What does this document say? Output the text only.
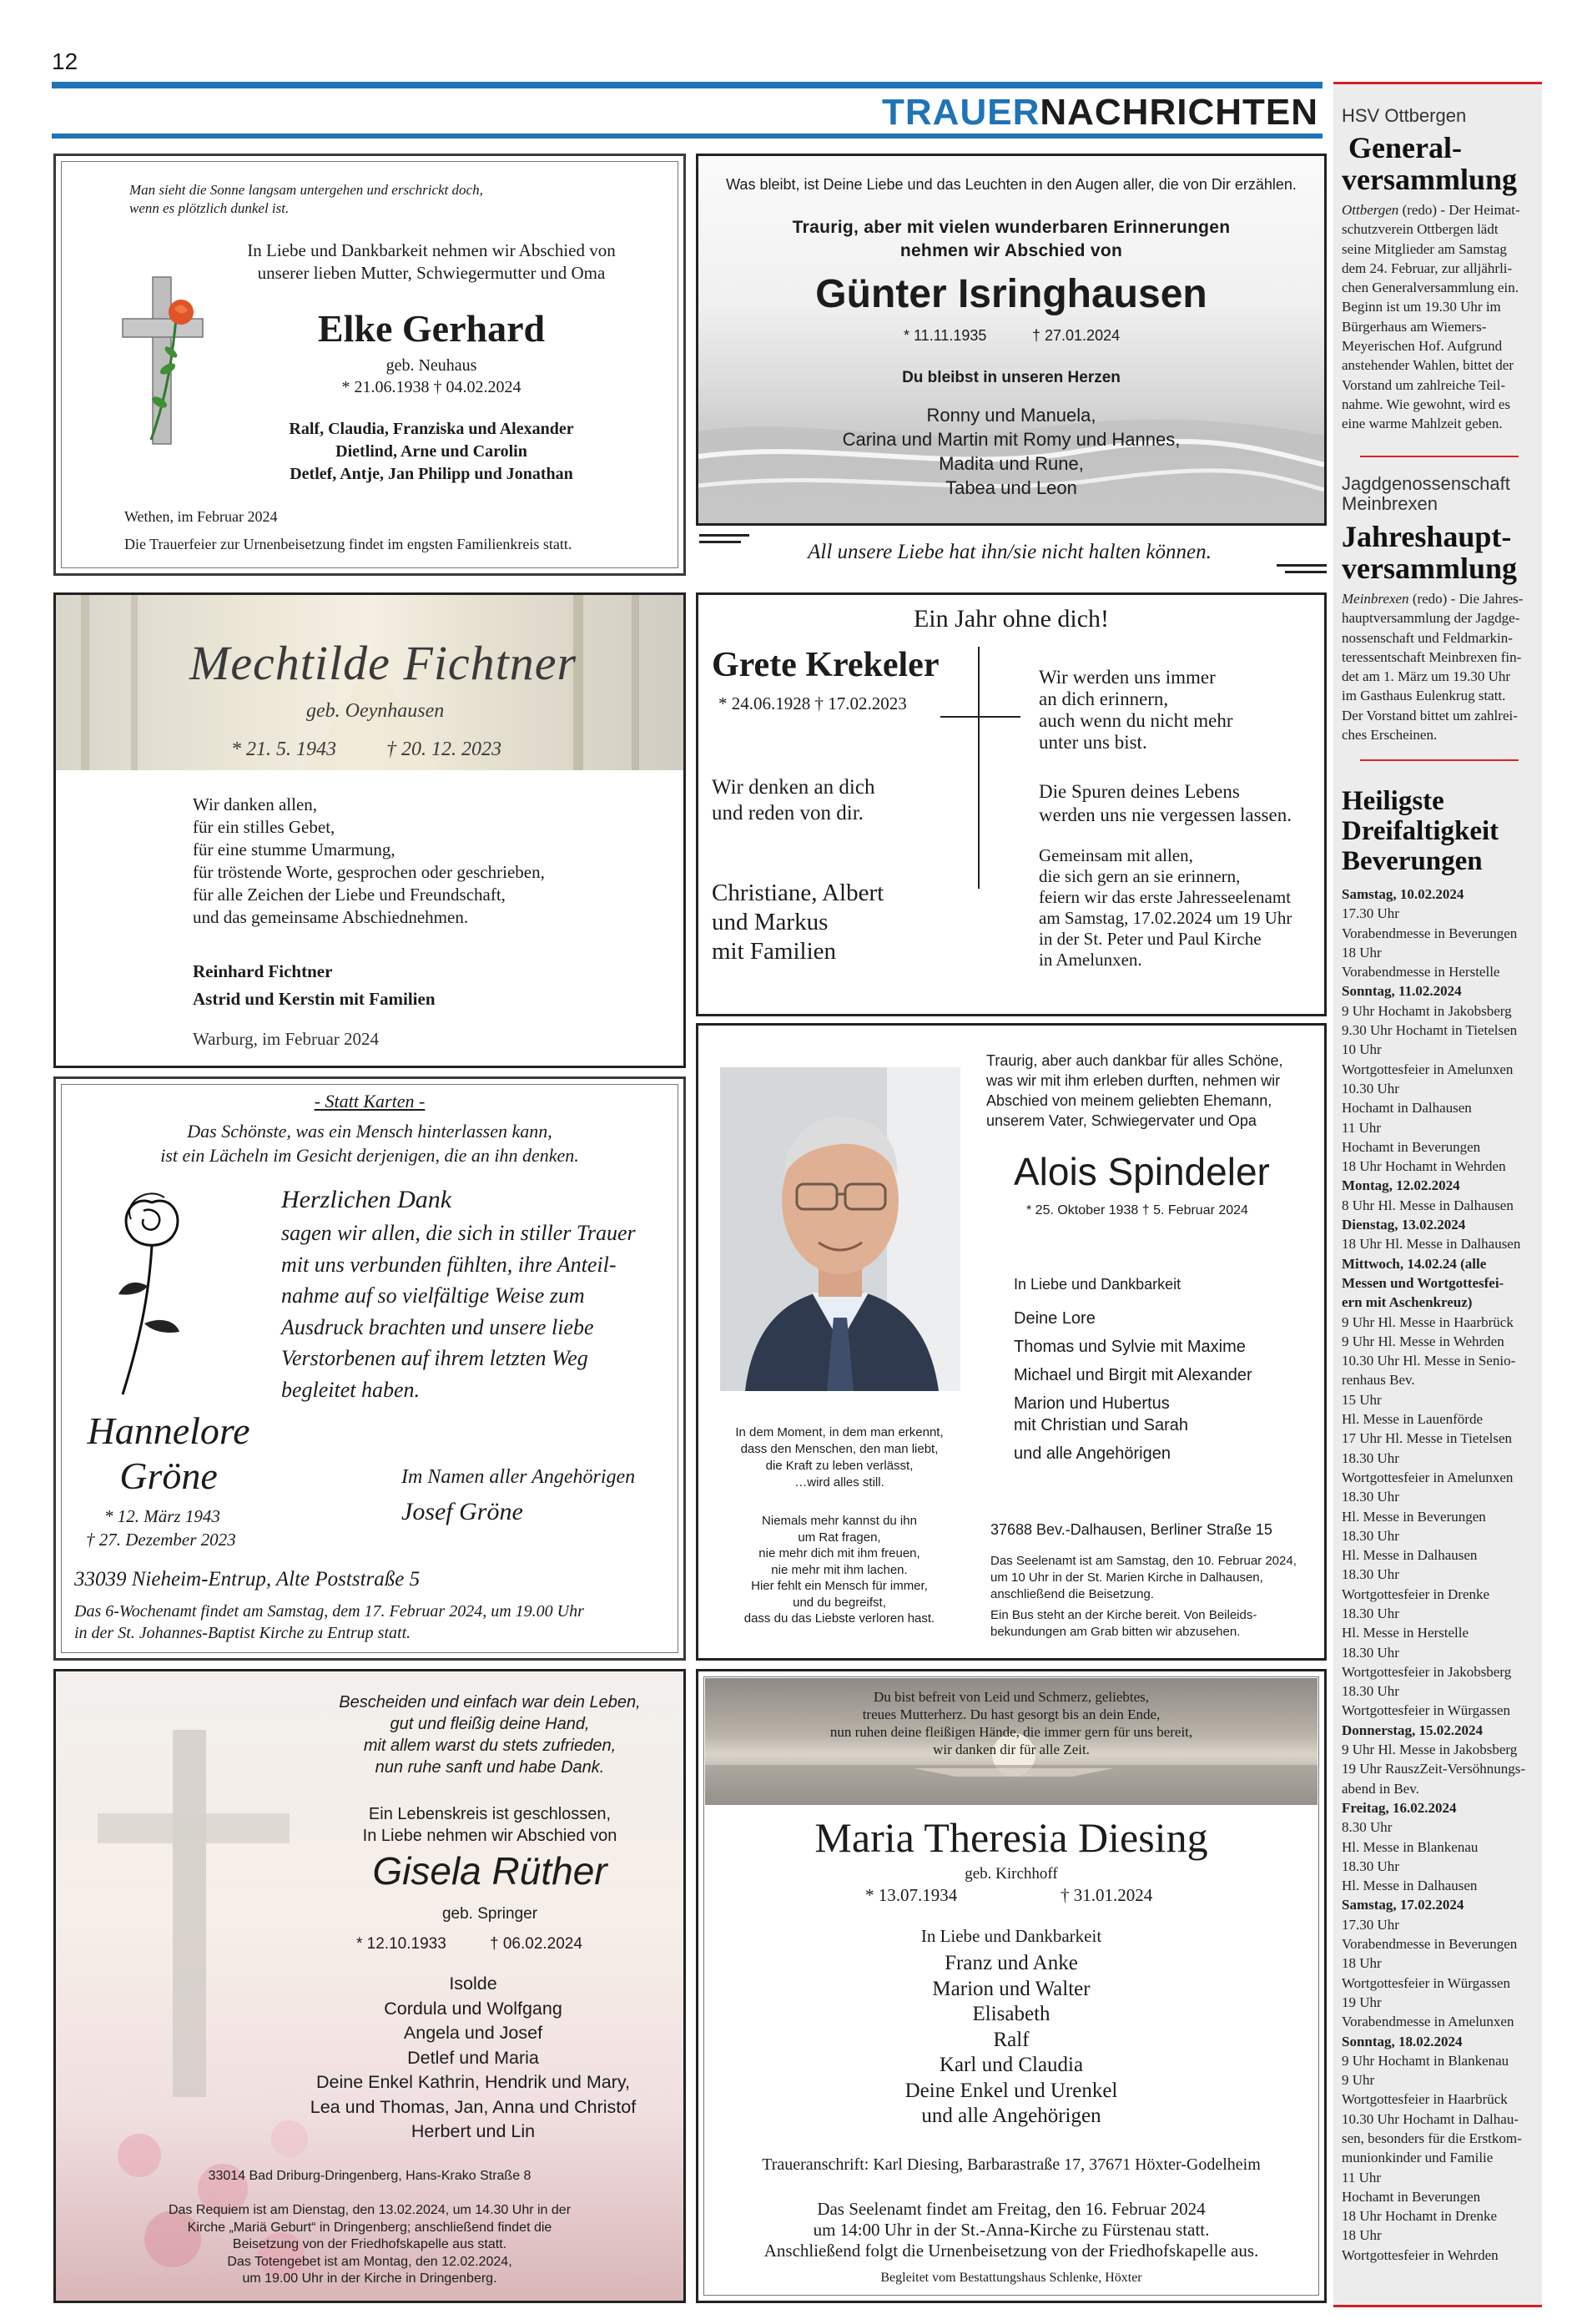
12
TRAUERNACHRICHTEN
Man sieht die Sonne langsam untergehen und erschrickt doch,
wenn es plötzlich dunkel ist.
In Liebe und Dankbarkeit nehmen wir Abschied von
unserer lieben Mutter, Schwiegermutter und Oma
Elke Gerhard
geb. Neuhaus
* 21.06.1938 † 04.02.2024
Ralf, Claudia, Franziska und Alexander
Dietlind, Arne und Carolin
Detlef, Antje, Jan Philipp und Jonathan
Wethen, im Februar 2024
Die Trauerfeier zur Urnenbeisetzung findet im engsten Familienkreis statt.
Was bleibt, ist Deine Liebe und das Leuchten in den Augen aller, die von Dir erzählen.
Traurig, aber mit vielen wunderbaren Erinnerungen
nehmen wir Abschied von
Günter Isringhausen
* 11.11.1935	† 27.01.2024
Du bleibst in unseren Herzen
Ronny und Manuela,
Carina und Martin mit Romy und Hannes,
Madita und Rune,
Tabea und Leon
All unsere Liebe hat ihn/sie nicht halten können.
Mechtilde Fichtner
geb. Oeynhausen
* 21. 5. 1943	† 20. 12. 2023
Wir danken allen,
für ein stilles Gebet,
für eine stumme Umarmung,
für tröstende Worte, gesprochen oder geschrieben,
für alle Zeichen der Liebe und Freundschaft,
und das gemeinsame Abschiednehmen.
Reinhard Fichtner
Astrid und Kerstin mit Familien
Warburg, im Februar 2024
Ein Jahr ohne dich!
Grete Krekeler
* 24.06.1928 † 17.02.2023
Wir denken an dich
und reden von dir.
Christiane, Albert
und Markus
mit Familien
Wir werden uns immer
an dich erinnern,
auch wenn du nicht mehr
unter uns bist.
Die Spuren deines Lebens
werden uns nie vergessen lassen.
Gemeinsam mit allen,
die sich gern an sie erinnern,
feiern wir das erste Jahresseelenamt
am Samstag, 17.02.2024 um 19 Uhr
in der St. Peter und Paul Kirche
in Amelunxen.
- Statt Karten -
Das Schönste, was ein Mensch hinterlassen kann,
ist ein Lächeln im Gesicht derjenigen, die an ihn denken.
Herzlichen Dank
sagen wir allen, die sich in stiller Trauer
mit uns verbunden fühlten, ihre Anteil-
nahme auf so vielfältige Weise zum
Ausdruck brachten und unsere liebe
Verstorbenen auf ihrem letzten Weg
begleitet haben.
Hannelore
Gröne
* 12. März 1943
† 27. Dezember 2023
Im Namen aller Angehörigen
Josef Gröne
33039 Nieheim-Entrup, Alte Poststraße 5
Das 6-Wochenamt findet am Samstag, dem 17. Februar 2024, um 19.00 Uhr
in der St. Johannes-Baptist Kirche zu Entrup statt.
Traurig, aber auch dankbar für alles Schöne,
was wir mit ihm erleben durften, nehmen wir
Abschied von meinem geliebten Ehemann,
unserem Vater, Schwiegervater und Opa
Alois Spindeler
* 25. Oktober 1938 † 5. Februar 2024
In Liebe und Dankbarkeit
Deine Lore
Thomas und Sylvie mit Maxime
Michael und Birgit mit Alexander
Marion und Hubertus
mit Christian und Sarah
und alle Angehörigen
In dem Moment, in dem man erkennt,
dass den Menschen, den man liebt,
die Kraft zu leben verlässt,
…wird alles still.
Niemals mehr kannst du ihn
um Rat fragen,
nie mehr dich mit ihm freuen,
nie mehr mit ihm lachen.
Hier fehlt ein Mensch für immer,
und du begreifst,
dass du das Liebste verloren hast.
37688 Bev.-Dalhausen, Berliner Straße 15
Das Seelenamt ist am Samstag, den 10. Februar 2024,
um 10 Uhr in der St. Marien Kirche in Dalhausen,
anschließend die Beisetzung.
Ein Bus steht an der Kirche bereit. Von Beileids-
bekundungen am Grab bitten wir abzusehen.
Bescheiden und einfach war dein Leben,
gut und fleißig deine Hand,
mit allem warst du stets zufrieden,
nun ruhe sanft und habe Dank.
Ein Lebenskreis ist geschlossen,
In Liebe nehmen wir Abschied von
Gisela Rüther
geb. Springer
* 12.10.1933	† 06.02.2024
Isolde
Cordula und Wolfgang
Angela und Josef
Detlef und Maria
Deine Enkel Kathrin, Hendrik und Mary,
Lea und Thomas, Jan, Anna und Christof
Herbert und Lin
33014 Bad Driburg-Dringenberg, Hans-Krako Straße 8
Das Requiem ist am Dienstag, den 13.02.2024, um 14.30 Uhr in der
Kirche „Mariä Geburt“ in Dringenberg; anschließend findet die
Beisetzung von der Friedhofskapelle aus statt.
Das Totengebet ist am Montag, den 12.02.2024,
um 19.00 Uhr in der Kirche in Dringenberg.
Du bist befreit von Leid und Schmerz, geliebtes,
treues Mutterherz. Du hast gesorgt bis an dein Ende,
nun ruhen deine fleißigen Hände, die immer gern für uns bereit,
wir danken dir für alle Zeit.
Maria Theresia Diesing
geb. Kirchhoff
* 13.07.1934	† 31.01.2024
In Liebe und Dankbarkeit
Franz und Anke
Marion und Walter
Elisabeth
Ralf
Karl und Claudia
Deine Enkel und Urenkel
und alle Angehörigen
Traueranschrift: Karl Diesing, Barbarastraße 17, 37671 Höxter-Godelheim
Das Seelenamt findet am Freitag, den 16. Februar 2024
um 14:00 Uhr in der St.-Anna-Kirche zu Fürstenau statt.
Anschließend folgt die Urnenbeisetzung von der Friedhofskapelle aus.
Begleitet vom Bestattungshaus Schlenke, Höxter
HSV Ottbergen
General-
versammlung
Ottbergen (redo) - Der Heimat-
schutzverein Ottbergen lädt
seine Mitglieder am Samstag
dem 24. Februar, zur alljährli-
chen Generalversammlung ein.
Beginn ist um 19.30 Uhr im
Bürgerhaus am Wiemers-
Meyerischen Hof. Aufgrund
anstehender Wahlen, bittet der
Vorstand um zahlreiche Teil-
nahme. Wie gewohnt, wird es
eine warme Mahlzeit geben.
Jagdgenossenschaft
Meinbrexen
Jahreshaupt-
versammlung
Meinbrexen (redo) - Die Jahres-
hauptversammlung der Jagdge-
nossenschaft und Feldmarkin-
teressentschaft Meinbrexen fin-
det am 1. März um 19.30 Uhr
im Gasthaus Eulenkrug statt.
Der Vorstand bittet um zahlrei-
ches Erscheinen.
Heiligste
Dreifaltigkeit
Beverungen
Samstag, 10.02.2024
17.30 Uhr
Vorabendmesse in Beverungen
18 Uhr
Vorabendmesse in Herstelle
Sonntag, 11.02.2024
9 Uhr Hochamt in Jakobsberg
9.30 Uhr Hochamt in Tietelsen
10 Uhr
Wortgottesfeier in Amelunxen
10.30 Uhr
Hochamt in Dalhausen
11 Uhr
Hochamt in Beverungen
18 Uhr Hochamt in Wehrden
Montag, 12.02.2024
8 Uhr Hl. Messe in Dalhausen
Dienstag, 13.02.2024
18 Uhr Hl. Messe in Dalhausen
Mittwoch, 14.02.24 (alle
Messen und Wortgottesfei-
ern mit Aschenkreuz)
9 Uhr Hl. Messe in Haarbrück
9 Uhr Hl. Messe in Wehrden
10.30 Uhr Hl. Messe in Senio-
renhaus Bev.
15 Uhr
Hl. Messe in Lauenförde
17 Uhr Hl. Messe in Tietelsen
18.30 Uhr
Wortgottesfeier in Amelunxen
18.30 Uhr
Hl. Messe in Beverungen
18.30 Uhr
Hl. Messe in Dalhausen
18.30 Uhr
Wortgottesfeier in Drenke
18.30 Uhr
Hl. Messe in Herstelle
18.30 Uhr
Wortgottesfeier in Jakobsberg
18.30 Uhr
Wortgottesfeier in Würgassen
Donnerstag, 15.02.2024
9 Uhr Hl. Messe in Jakobsberg
19 Uhr RauszZeit-Versöhnungs-
abend in Bev.
Freitag, 16.02.2024
8.30 Uhr
Hl. Messe in Blankenau
18.30 Uhr
Hl. Messe in Dalhausen
Samstag, 17.02.2024
17.30 Uhr
Vorabendmesse in Beverungen
18 Uhr
Wortgottesfeier in Würgassen
19 Uhr
Vorabendmesse in Amelunxen
Sonntag, 18.02.2024
9 Uhr Hochamt in Blankenau
9 Uhr
Wortgottesfeier in Haarbrück
10.30 Uhr Hochamt in Dalhau-
sen, besonders für die Erstkom-
munionkinder und Familie
11 Uhr
Hochamt in Beverungen
18 Uhr Hochamt in Drenke
18 Uhr
Wortgottesfeier in Wehrden
